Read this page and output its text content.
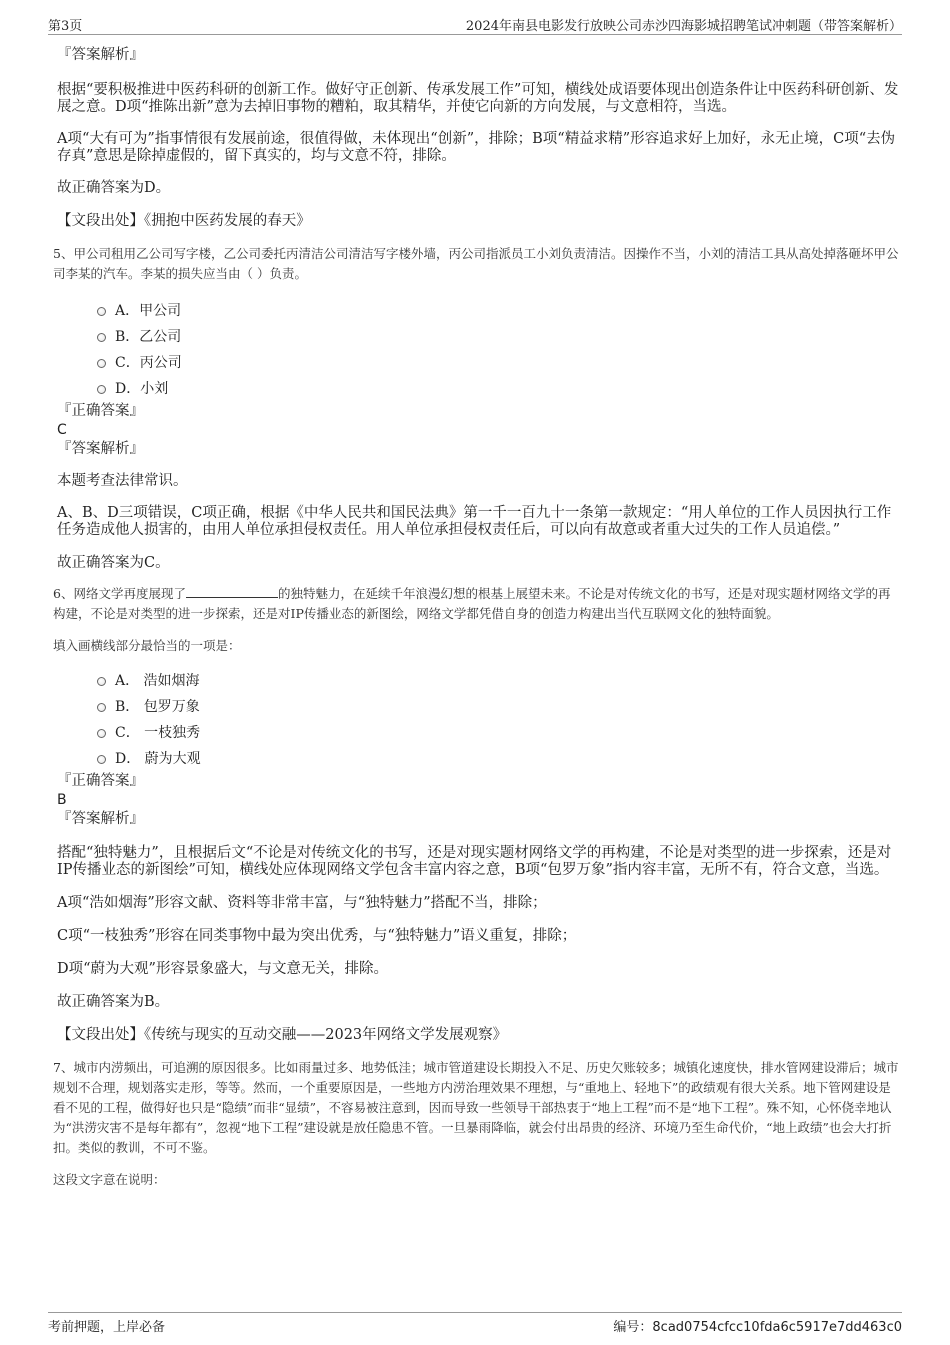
第3页	2024年南县电影发行放映公司赤沙四海影城招聘笔试冲刺题（带答案解析）

『答案解析』

根据“要积极推进中医药科研的创新工作。做好守正创新、传承发展工作”可知，横线处成语要体现出创造条件让中医药科研创新、发展之意。D项“推陈出新”意为去掉旧事物的糟粕，取其精华，并使它向新的方向发展，与文意相符，当选。

A项“大有可为”指事情很有发展前途，很值得做，未体现出“创新”，排除；B项“精益求精”形容追求好上加好，永无止境，C项“去伪存真”意思是除掉虚假的，留下真实的，均与文意不符，排除。

故正确答案为D。

【文段出处】《拥抱中医药发展的春天》

5、甲公司租用乙公司写字楼，乙公司委托丙清洁公司清洁写字楼外墙，丙公司指派员工小刘负责清洁。因操作不当，小刘的清洁工具从高处掉落砸坏甲公司李某的汽车。李某的损失应当由（ ）负责。

A．甲公司
B．乙公司
C．丙公司
D．小刘

『正确答案』

C

『答案解析』

本题考查法律常识。

A、B、D三项错误，C项正确，根据《中华人民共和国民法典》第一千一百九十一条第一款规定：“用人单位的工作人员因执行工作任务造成他人损害的，由用人单位承担侵权责任。用人单位承担侵权责任后，可以向有故意或者重大过失的工作人员追偿。”

故正确答案为C。

6、网络文学再度展现了	的独特魅力，在延续千年浪漫幻想的根基上展望未来。不论是对传统文化的书写，还是对现实题材网络文学的再构建，不论是对类型的进一步探索，还是对IP传播业态的新图绘，网络文学都凭借自身的创造力构建出当代互联网文化的独特面貌。

填入画横线部分最恰当的一项是：

A． 浩如烟海
B． 包罗万象
C． 一枝独秀
D． 蔚为大观

『正确答案』

B

『答案解析』

搭配“独特魅力”，且根据后文“不论是对传统文化的书写，还是对现实题材网络文学的再构建，不论是对类型的进一步探索，还是对IP传播业态的新图绘”可知，横线处应体现网络文学包含丰富内容之意，B项“包罗万象”指内容丰富，无所不有，符合文意，当选。

A项“浩如烟海”形容文献、资料等非常丰富，与“独特魅力”搭配不当，排除；

C项“一枝独秀”形容在同类事物中最为突出优秀，与“独特魅力”语义重复，排除；

D项“蔚为大观”形容景象盛大，与文意无关，排除。

故正确答案为B。

【文段出处】《传统与现实的互动交融——2023年网络文学发展观察》

7、城市内涝频出，可追溯的原因很多。比如雨量过多、地势低洼；城市管道建设长期投入不足、历史欠账较多；城镇化速度快，排水管网建设滞后；城市规划不合理，规划落实走形，等等。然而，一个重要原因是，一些地方内涝治理效果不理想，与“重地上、轻地下”的政绩观有很大关系。地下管网建设是看不见的工程，做得好也只是“隐绩”而非“显绩”，不容易被注意到，因而导致一些领导干部热衷于“地上工程”而不是“地下工程”。殊不知，心怀侥幸地认为“洪涝灾害不是每年都有”，忽视“地下工程”建设就是放任隐患不管。一旦暴雨降临，就会付出昂贵的经济、环境乃至生命代价，“地上政绩”也会大打折扣。类似的教训，不可不鉴。

这段文字意在说明：

考前押题，上岸必备	编号：8cad0754cfcc10fda6c5917e7dd463c0
